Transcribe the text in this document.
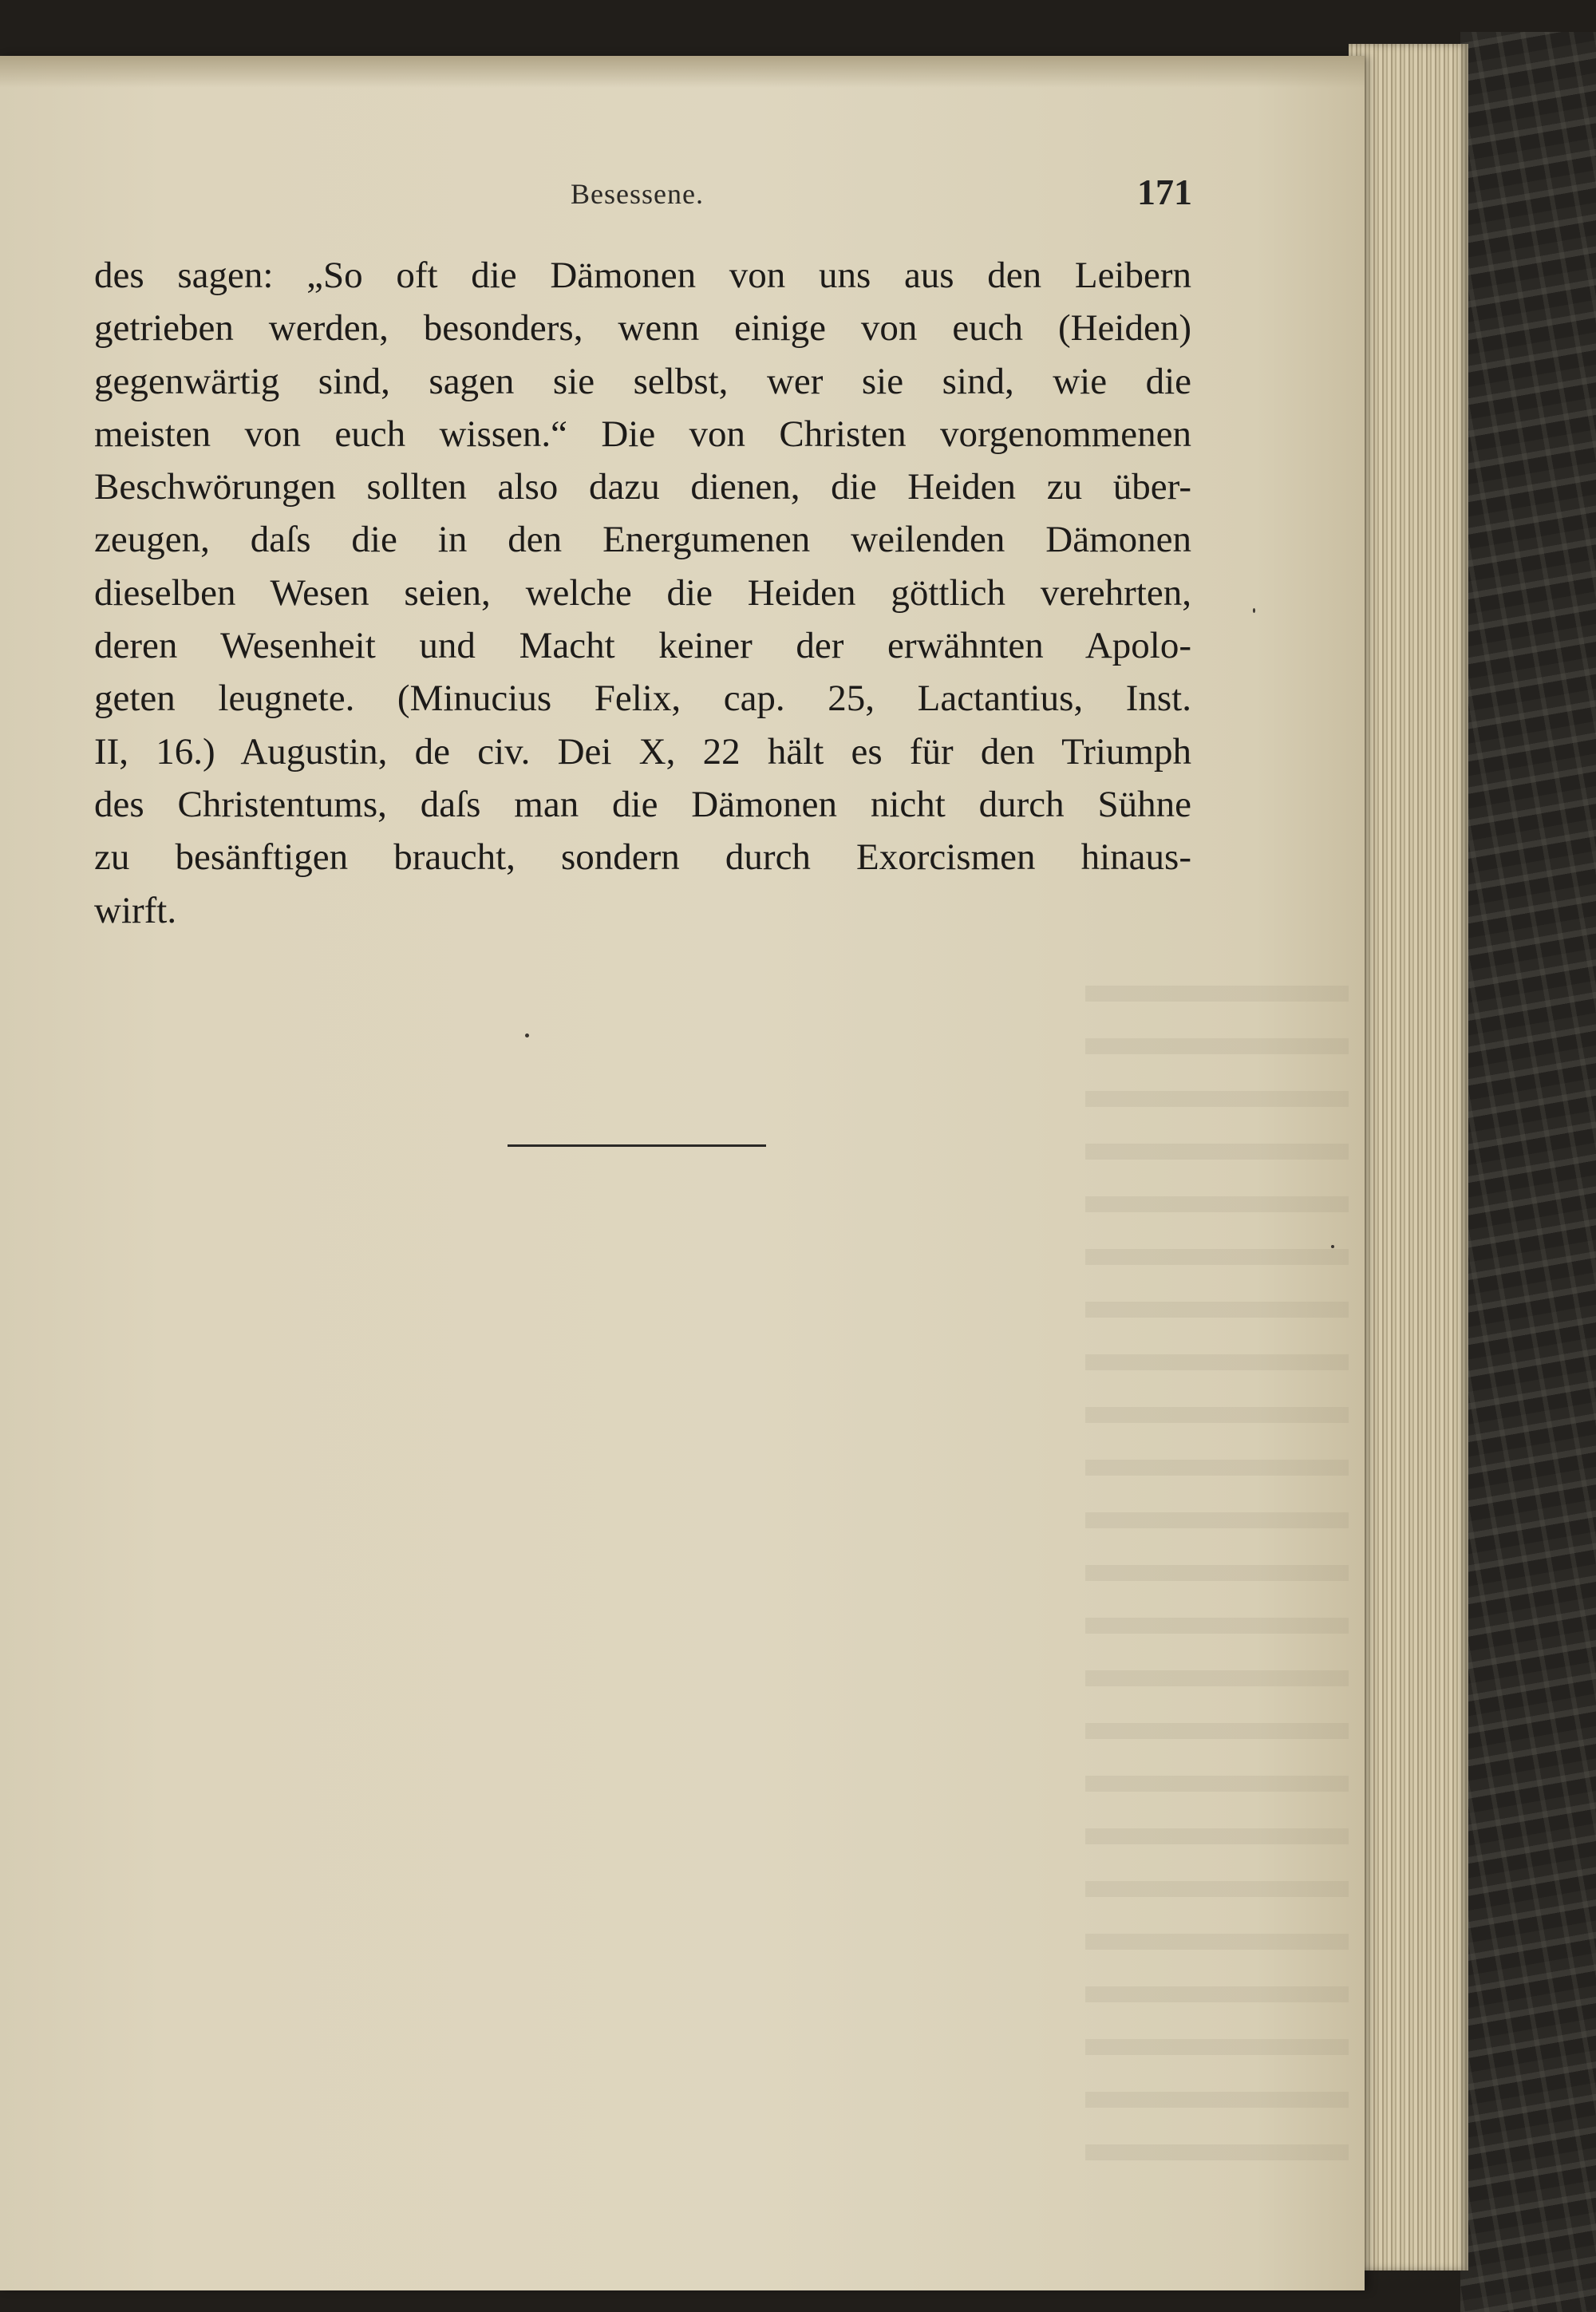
Besessene.	171
des sagen: „So oft die Dämonen von uns aus den Leibern
getrieben werden, besonders, wenn einige von euch (Heiden)
gegenwärtig sind, sagen sie selbst, wer sie sind, wie die
meisten von euch wissen.“ Die von Christen vorgenommenen
Beschwörungen sollten also dazu dienen, die Heiden zu über-
zeugen, daſs die in den Energumenen weilenden Dämonen
dieselben Wesen seien, welche die Heiden göttlich verehrten,
deren Wesenheit und Macht keiner der erwähnten Apolo-
geten leugnete. (Minucius Felix, cap. 25, Lactantius, Inst.
II, 16.) Augustin, de civ. Dei X, 22 hält es für den Triumph
des Christentums, daſs man die Dämonen nicht durch Sühne
zu besänftigen braucht, sondern durch Exorcismen hinaus-
wirft.
